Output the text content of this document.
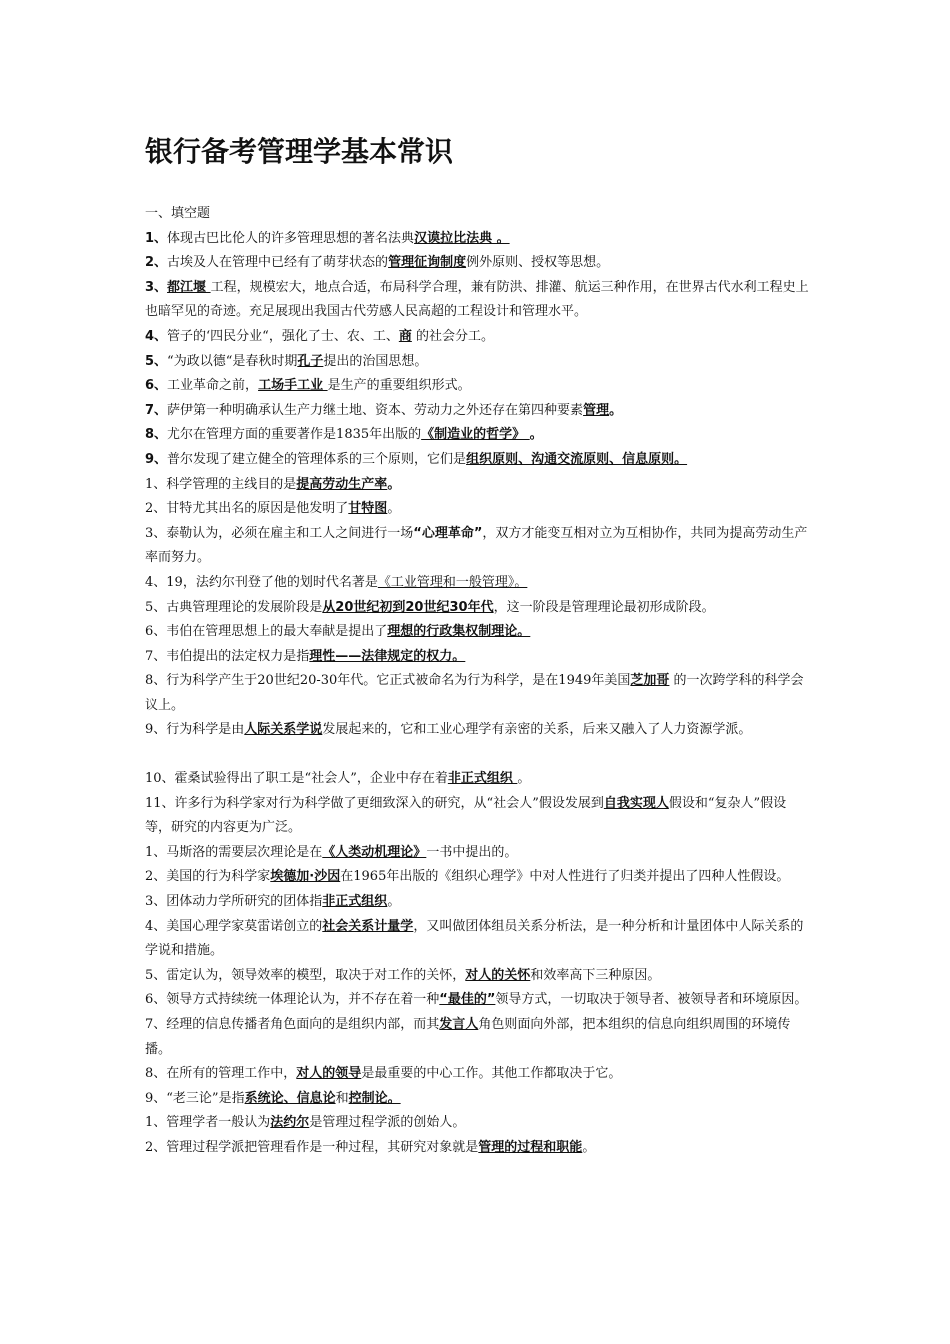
银行备考管理学基本常识

一、填空题

1、体现古巴比伦人的许多管理思想的著名法典汉谟拉比法典 。

2、古埃及人在管理中已经有了萌芽状态的管理征询制度例外原则、授权等思想。

3、都江堰 工程，规模宏大，地点合适，布局科学合理，兼有防洪、排灌、航运三种作用，在世界古代水利工程史上也暗罕见的奇迹。充足展现出我国古代劳感人民高超的工程设计和管理水平。

4、管子的‘四民分业“，强化了士、农、工、商 的社会分工。

5、“为政以德“是春秋时期孔子提出的治国思想。

6、工业革命之前，工场手工业 是生产的重要组织形式。

7、萨伊第一种明确承认生产力继土地、资本、劳动力之外还存在第四种要素管理。

8、尤尔在管理方面的重要著作是1835年出版的《制造业的哲学》 。

9、普尔发现了建立健全的管理体系的三个原则，它们是组织原则、沟通交流原则、信息原则。

1、科学管理的主线目的是提高劳动生产率。

2、甘特尤其出名的原因是他发明了甘特图。

3、泰勒认为，必须在雇主和工人之间进行一场“心理革命”，双方才能变互相对立为互相协作，共同为提高劳动生产率而努力。

4、19，法约尔刊登了他的划时代名著是《工业管理和一般管理》。

5、古典管理理论的发展阶段是从20世纪初到20世纪30年代，这一阶段是管理理论最初形成阶段。

6、韦伯在管理思想上的最大奉献是提出了理想的行政集权制理论。

7、韦伯提出的法定权力是指理性——法律规定的权力。

8、行为科学产生于20世纪20-30年代。它正式被命名为行为科学，是在1949年美国芝加哥 的一次跨学科的科学会议上。

9、行为科学是由人际关系学说发展起来的，它和工业心理学有亲密的关系，后来又融入了人力资源学派。

10、霍桑试验得出了职工是“社会人”，企业中存在着非正式组织 。

11、许多行为科学家对行为科学做了更细致深入的研究，从“社会人”假设发展到自我实现人假设和“复杂人”假设等，研究的内容更为广泛。

1、马斯洛的需要层次理论是在《人类动机理论》一书中提出的。

2、美国的行为科学家埃德加·沙因在1965年出版的《组织心理学》中对人性进行了归类并提出了四种人性假设。

3、团体动力学所研究的团体指非正式组织。

4、美国心理学家莫雷诺创立的社会关系计量学，又叫做团体组员关系分析法，是一种分析和计量团体中人际关系的学说和措施。

5、雷定认为，领导效率的模型，取决于对工作的关怀，对人的关怀和效率高下三种原因。

6、领导方式持续统一体理论认为，并不存在着一种“最佳的”领导方式，一切取决于领导者、被领导者和环境原因。

7、经理的信息传播者角色面向的是组织内部，而其发言人角色则面向外部，把本组织的信息向组织周围的环境传播。

8、在所有的管理工作中，对人的领导是最重要的中心工作。其他工作都取决于它。

9、“老三论”是指系统论、信息论和控制论。

1、管理学者一般认为法约尔是管理过程学派的创始人。

2、管理过程学派把管理看作是一种过程，其研究对象就是管理的过程和职能。
